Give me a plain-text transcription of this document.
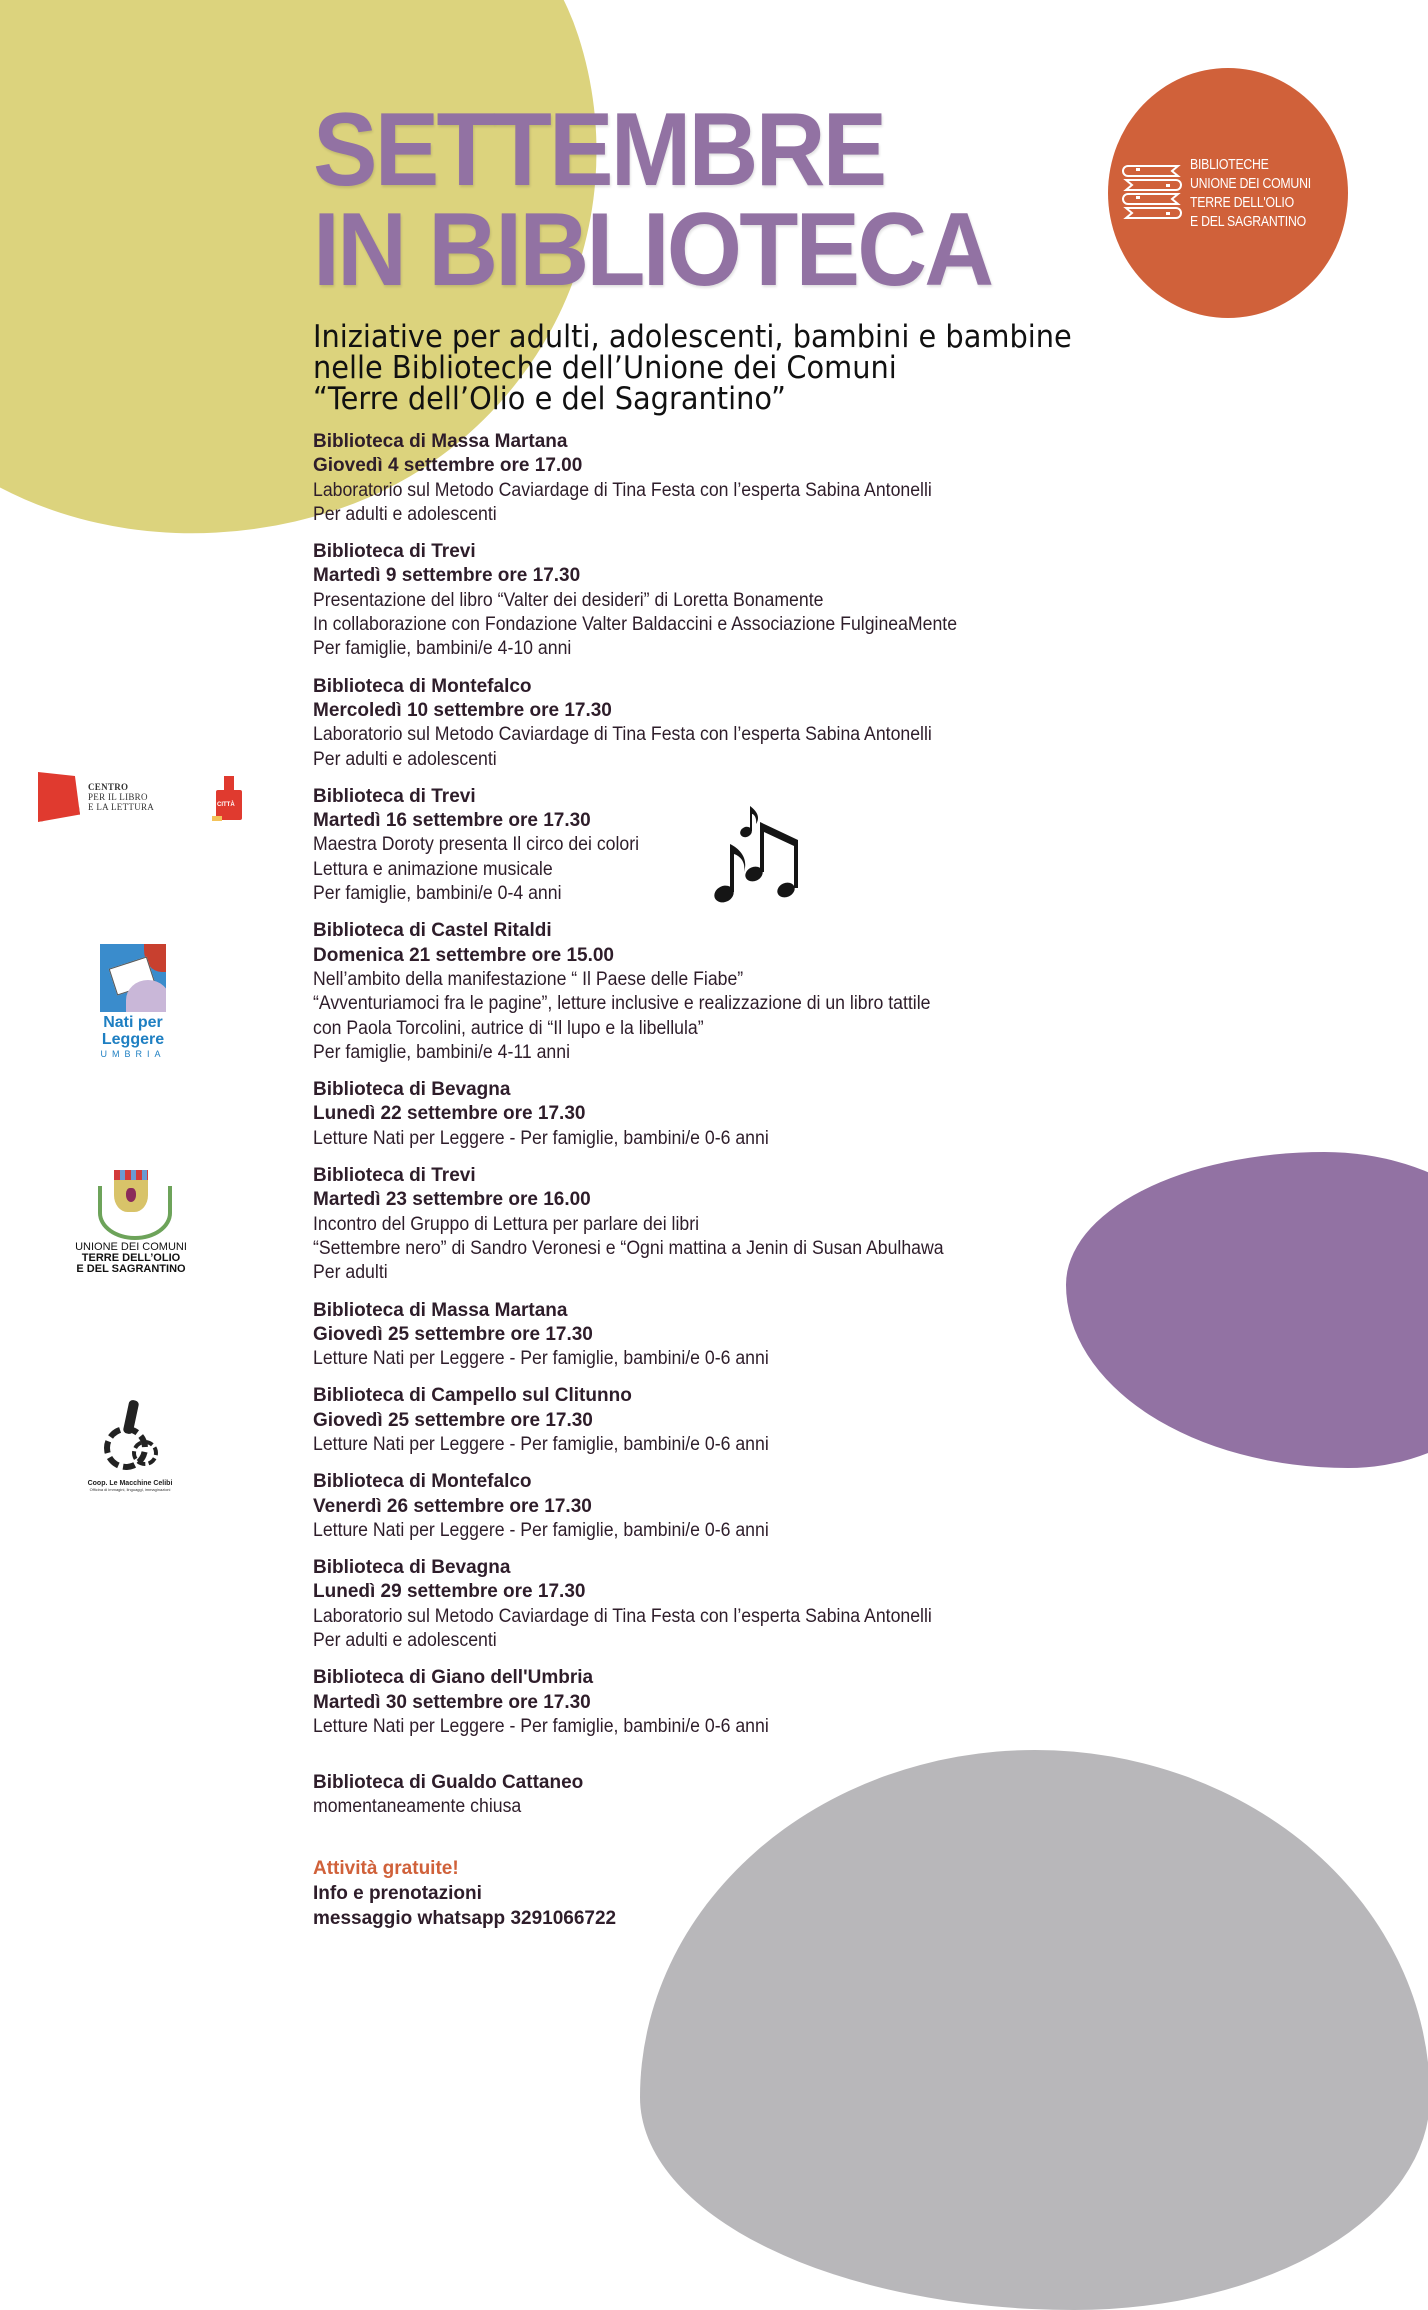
BIBLIOTECHE
UNIONE DEI COMUNI
TERRE DELL'OLIO
E DEL SAGRANTINO
SETTEMBRE
IN BIBLIOTECA
Iniziative per adulti, adolescenti, bambini e bambine
nelle Biblioteche dell’Unione dei Comuni
“Terre dell’Olio e del Sagrantino”
Biblioteca di Massa Martana
Giovedì 4 settembre ore 17.00
Laboratorio sul Metodo Caviardage di Tina Festa con l’esperta Sabina Antonelli
Per adulti e adolescenti
Biblioteca di Trevi
Martedì 9 settembre ore 17.30
Presentazione del libro “Valter dei desideri” di Loretta Bonamente
In collaborazione con Fondazione Valter Baldaccini e Associazione FulgineaMente
Per famiglie, bambini/e 4-10 anni
Biblioteca di Montefalco
Mercoledì 10 settembre ore 17.30
Laboratorio sul Metodo Caviardage di Tina Festa con l’esperta Sabina Antonelli
Per adulti e adolescenti
Biblioteca di Trevi
Martedì 16 settembre ore 17.30
Maestra Doroty presenta Il circo dei colori
Lettura e animazione musicale
Per famiglie, bambini/e 0-4 anni
Biblioteca di Castel Ritaldi
Domenica 21 settembre ore 15.00
Nell’ambito della manifestazione “ Il Paese delle Fiabe”
“Avventuriamoci fra le pagine”, letture inclusive e realizzazione di un libro tattile
con Paola Torcolini, autrice di “Il lupo e la libellula”
Per famiglie, bambini/e 4-11 anni
Biblioteca di Bevagna
Lunedì 22 settembre ore 17.30
Letture Nati per Leggere - Per famiglie, bambini/e 0-6 anni
Biblioteca di Trevi
Martedì 23 settembre ore 16.00
Incontro del Gruppo di Lettura per parlare dei libri
“Settembre nero” di Sandro Veronesi e “Ogni mattina a Jenin di Susan Abulhawa
Per adulti
Biblioteca di Massa Martana
Giovedì 25 settembre ore 17.30
Letture Nati per Leggere - Per famiglie, bambini/e 0-6 anni
Biblioteca di Campello sul Clitunno
Giovedì 25 settembre ore 17.30
Letture Nati per Leggere - Per famiglie, bambini/e 0-6 anni
Biblioteca di Montefalco
Venerdì 26 settembre ore 17.30
Letture Nati per Leggere - Per famiglie, bambini/e 0-6 anni
Biblioteca di Bevagna
Lunedì 29 settembre ore 17.30
Laboratorio sul Metodo Caviardage di Tina Festa con l’esperta Sabina Antonelli
Per adulti e adolescenti
Biblioteca di Giano dell'Umbria
Martedì 30 settembre ore 17.30
Letture Nati per Leggere - Per famiglie, bambini/e 0-6 anni
Biblioteca di Gualdo Cattaneo
momentaneamente chiusa
Attività gratuite!
Info e prenotazioni
messaggio whatsapp 3291066722
CENTRO
PER IL LIBRO
E LA LETTURA	CITTÀ
Nati per
Leggere
UMBRIA
UNIONE DEI COMUNI
TERRE DELL’OLIO
E DEL SAGRANTINO
Coop. Le Macchine Celibi
Officina di immagini, linguaggi, immaginazioni
